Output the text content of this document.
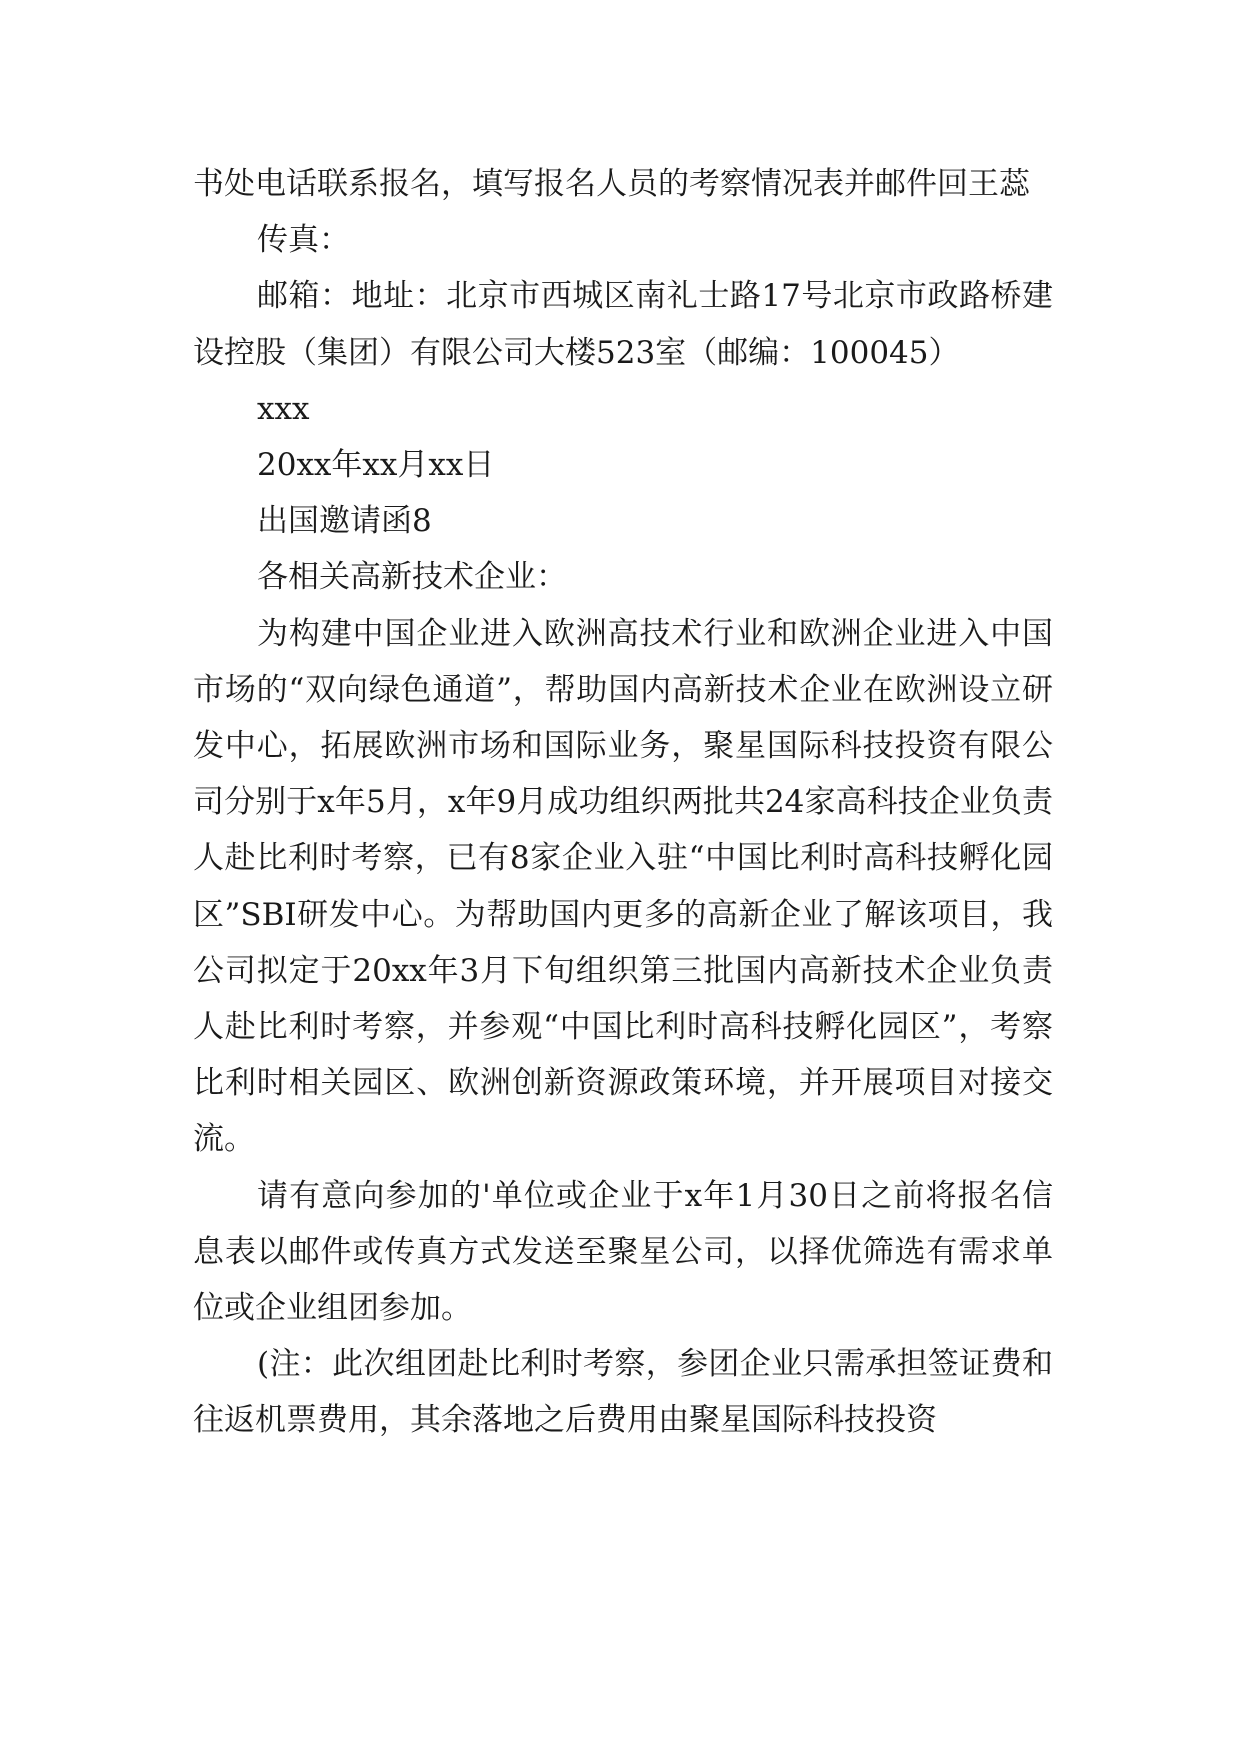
书处电话联系报名，填写报名人员的考察情况表并邮件回王蕊

传真：

邮箱：地址：北京市西城区南礼士路17号北京市政路桥建设控股（集团）有限公司大楼523室（邮编：100045）

xxx

20xx年xx月xx日

出国邀请函8

各相关高新技术企业：

为构建中国企业进入欧洲高技术行业和欧洲企业进入中国市场的“双向绿色通道”，帮助国内高新技术企业在欧洲设立研发中心，拓展欧洲市场和国际业务，聚星国际科技投资有限公司分别于x年5月，x年9月成功组织两批共24家高科技企业负责人赴比利时考察，已有8家企业入驻“中国比利时高科技孵化园区”SBI研发中心。为帮助国内更多的高新企业了解该项目，我公司拟定于20xx年3月下旬组织第三批国内高新技术企业负责人赴比利时考察，并参观“中国比利时高科技孵化园区”，考察比利时相关园区、欧洲创新资源政策环境，并开展项目对接交流。

请有意向参加的'单位或企业于x年1月30日之前将报名信息表以邮件或传真方式发送至聚星公司，以择优筛选有需求单位或企业组团参加。

(注：此次组团赴比利时考察，参团企业只需承担签证费和往返机票费用，其余落地之后费用由聚星国际科技投资
